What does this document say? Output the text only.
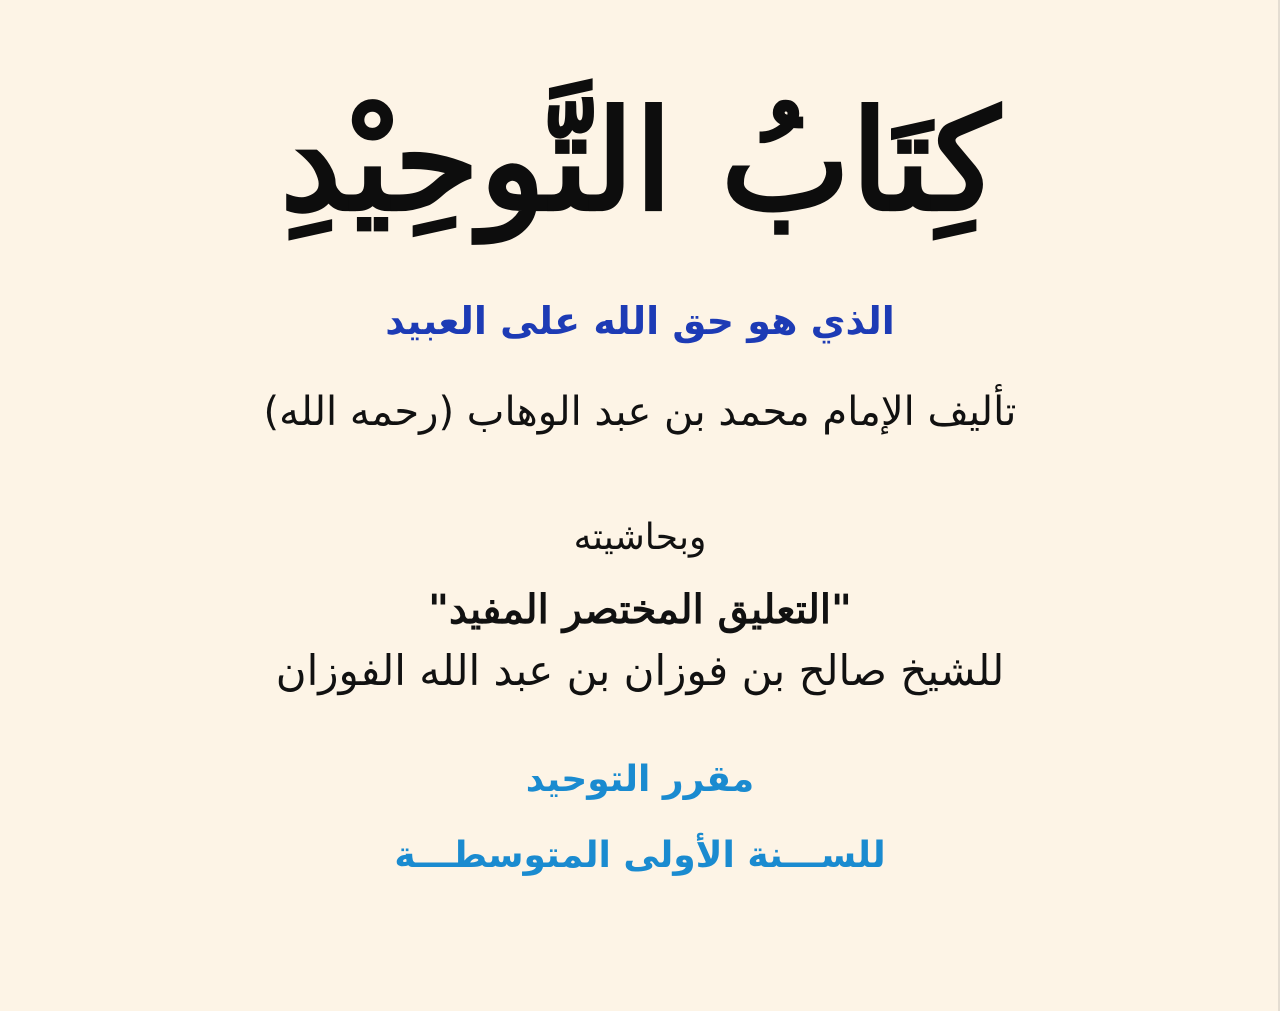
كِتَابُ التَّوحِيْدِ
الذي هو حق الله على العبيد
تأليف الإمام محمد بن عبد الوهاب (رحمه الله)
وبحاشيته
"التعليق المختصر المفيد"
للشيخ صالح بن فوزان بن عبد الله الفوزان
مقرر التوحيد
للســـنة الأولى المتوسطـــة
